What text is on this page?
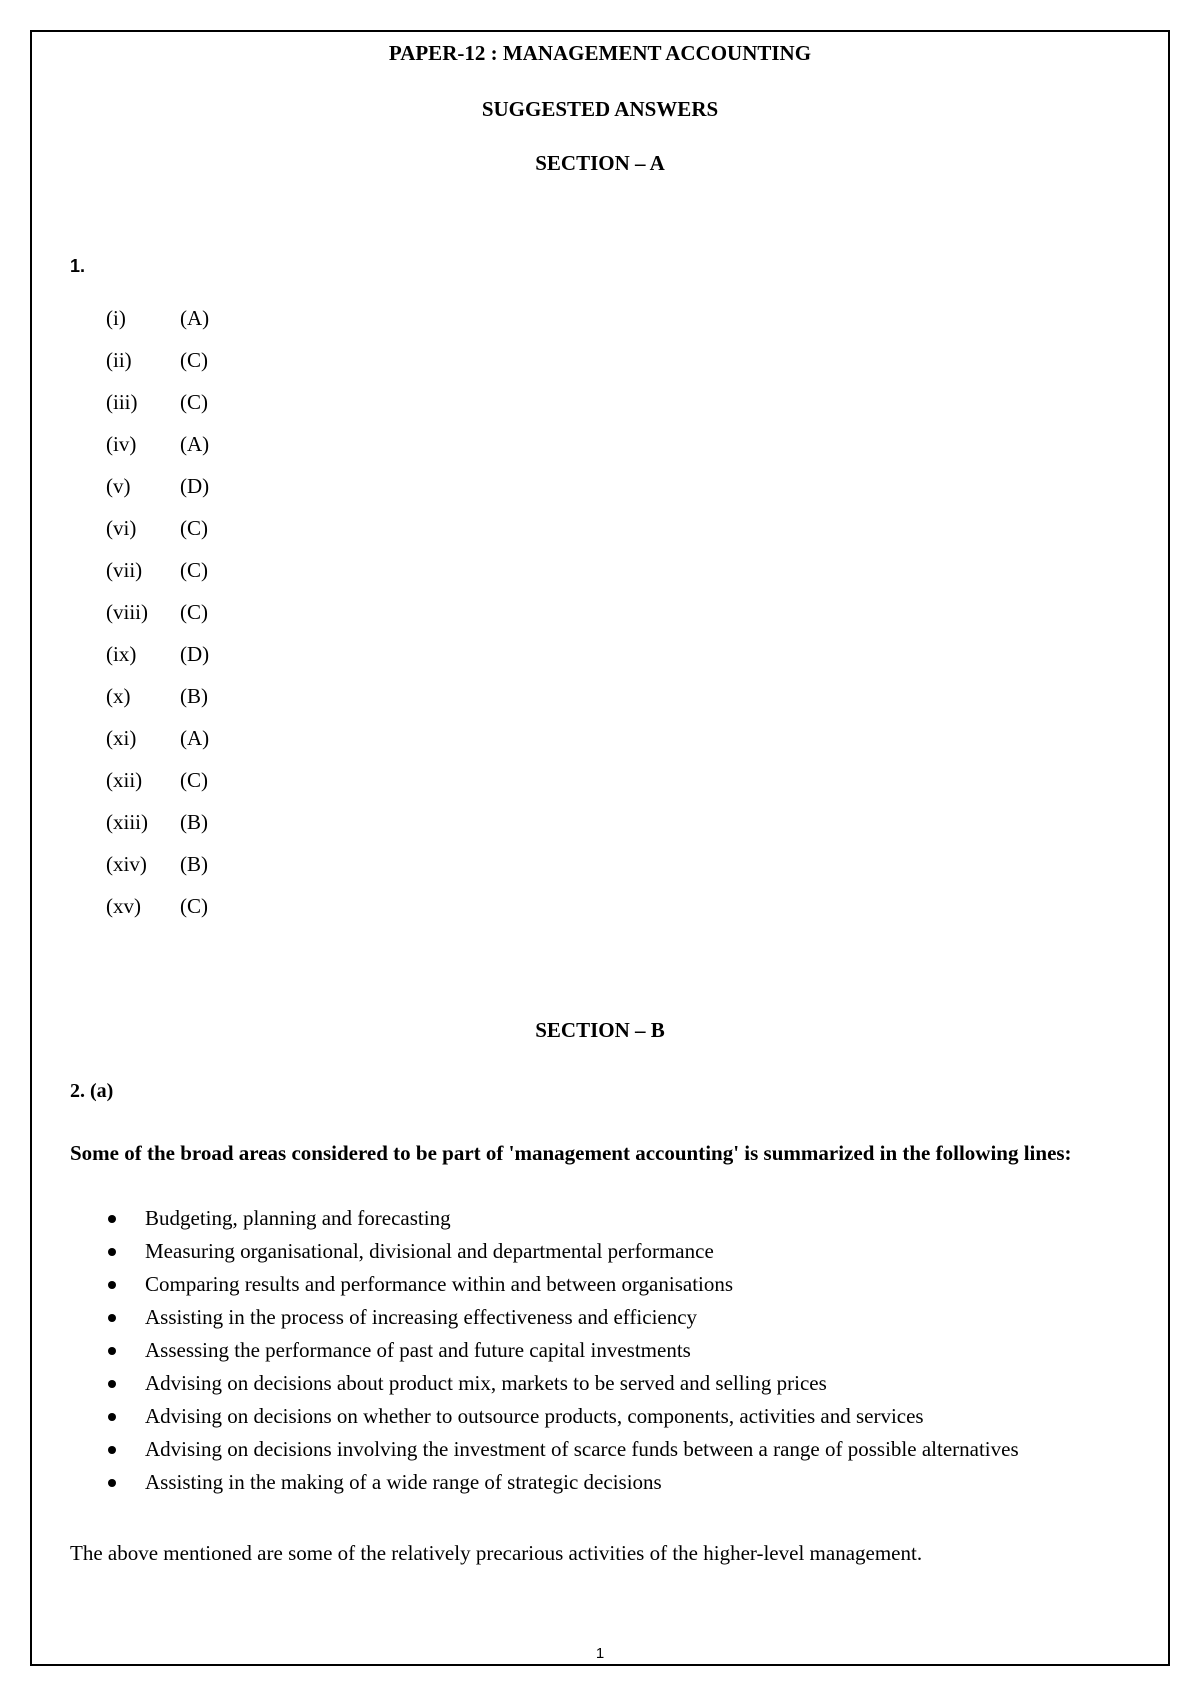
PAPER-12 : MANAGEMENT ACCOUNTING
SUGGESTED ANSWERS
SECTION – A
1.
(i)	(A)
(ii)	(C)
(iii)	(C)
(iv)	(A)
(v)	(D)
(vi)	(C)
(vii)	(C)
(viii)	(C)
(ix)	(D)
(x)	(B)
(xi)	(A)
(xii)	(C)
(xiii)	(B)
(xiv)	(B)
(xv)	(C)
SECTION – B
2. (a)
Some of the broad areas considered to be part of 'management accounting' is summarized in the following lines:
Budgeting, planning and forecasting
Measuring organisational, divisional and departmental performance
Comparing results and performance within and between organisations
Assisting in the process of increasing effectiveness and efficiency
Assessing the performance of past and future capital investments
Advising on decisions about product mix, markets to be served and selling prices
Advising on decisions on whether to outsource products, components, activities and services
Advising on decisions involving the investment of scarce funds between a range of possible alternatives
Assisting in the making of a wide range of strategic decisions
The above mentioned are some of the relatively precarious activities of the higher-level management.
1
